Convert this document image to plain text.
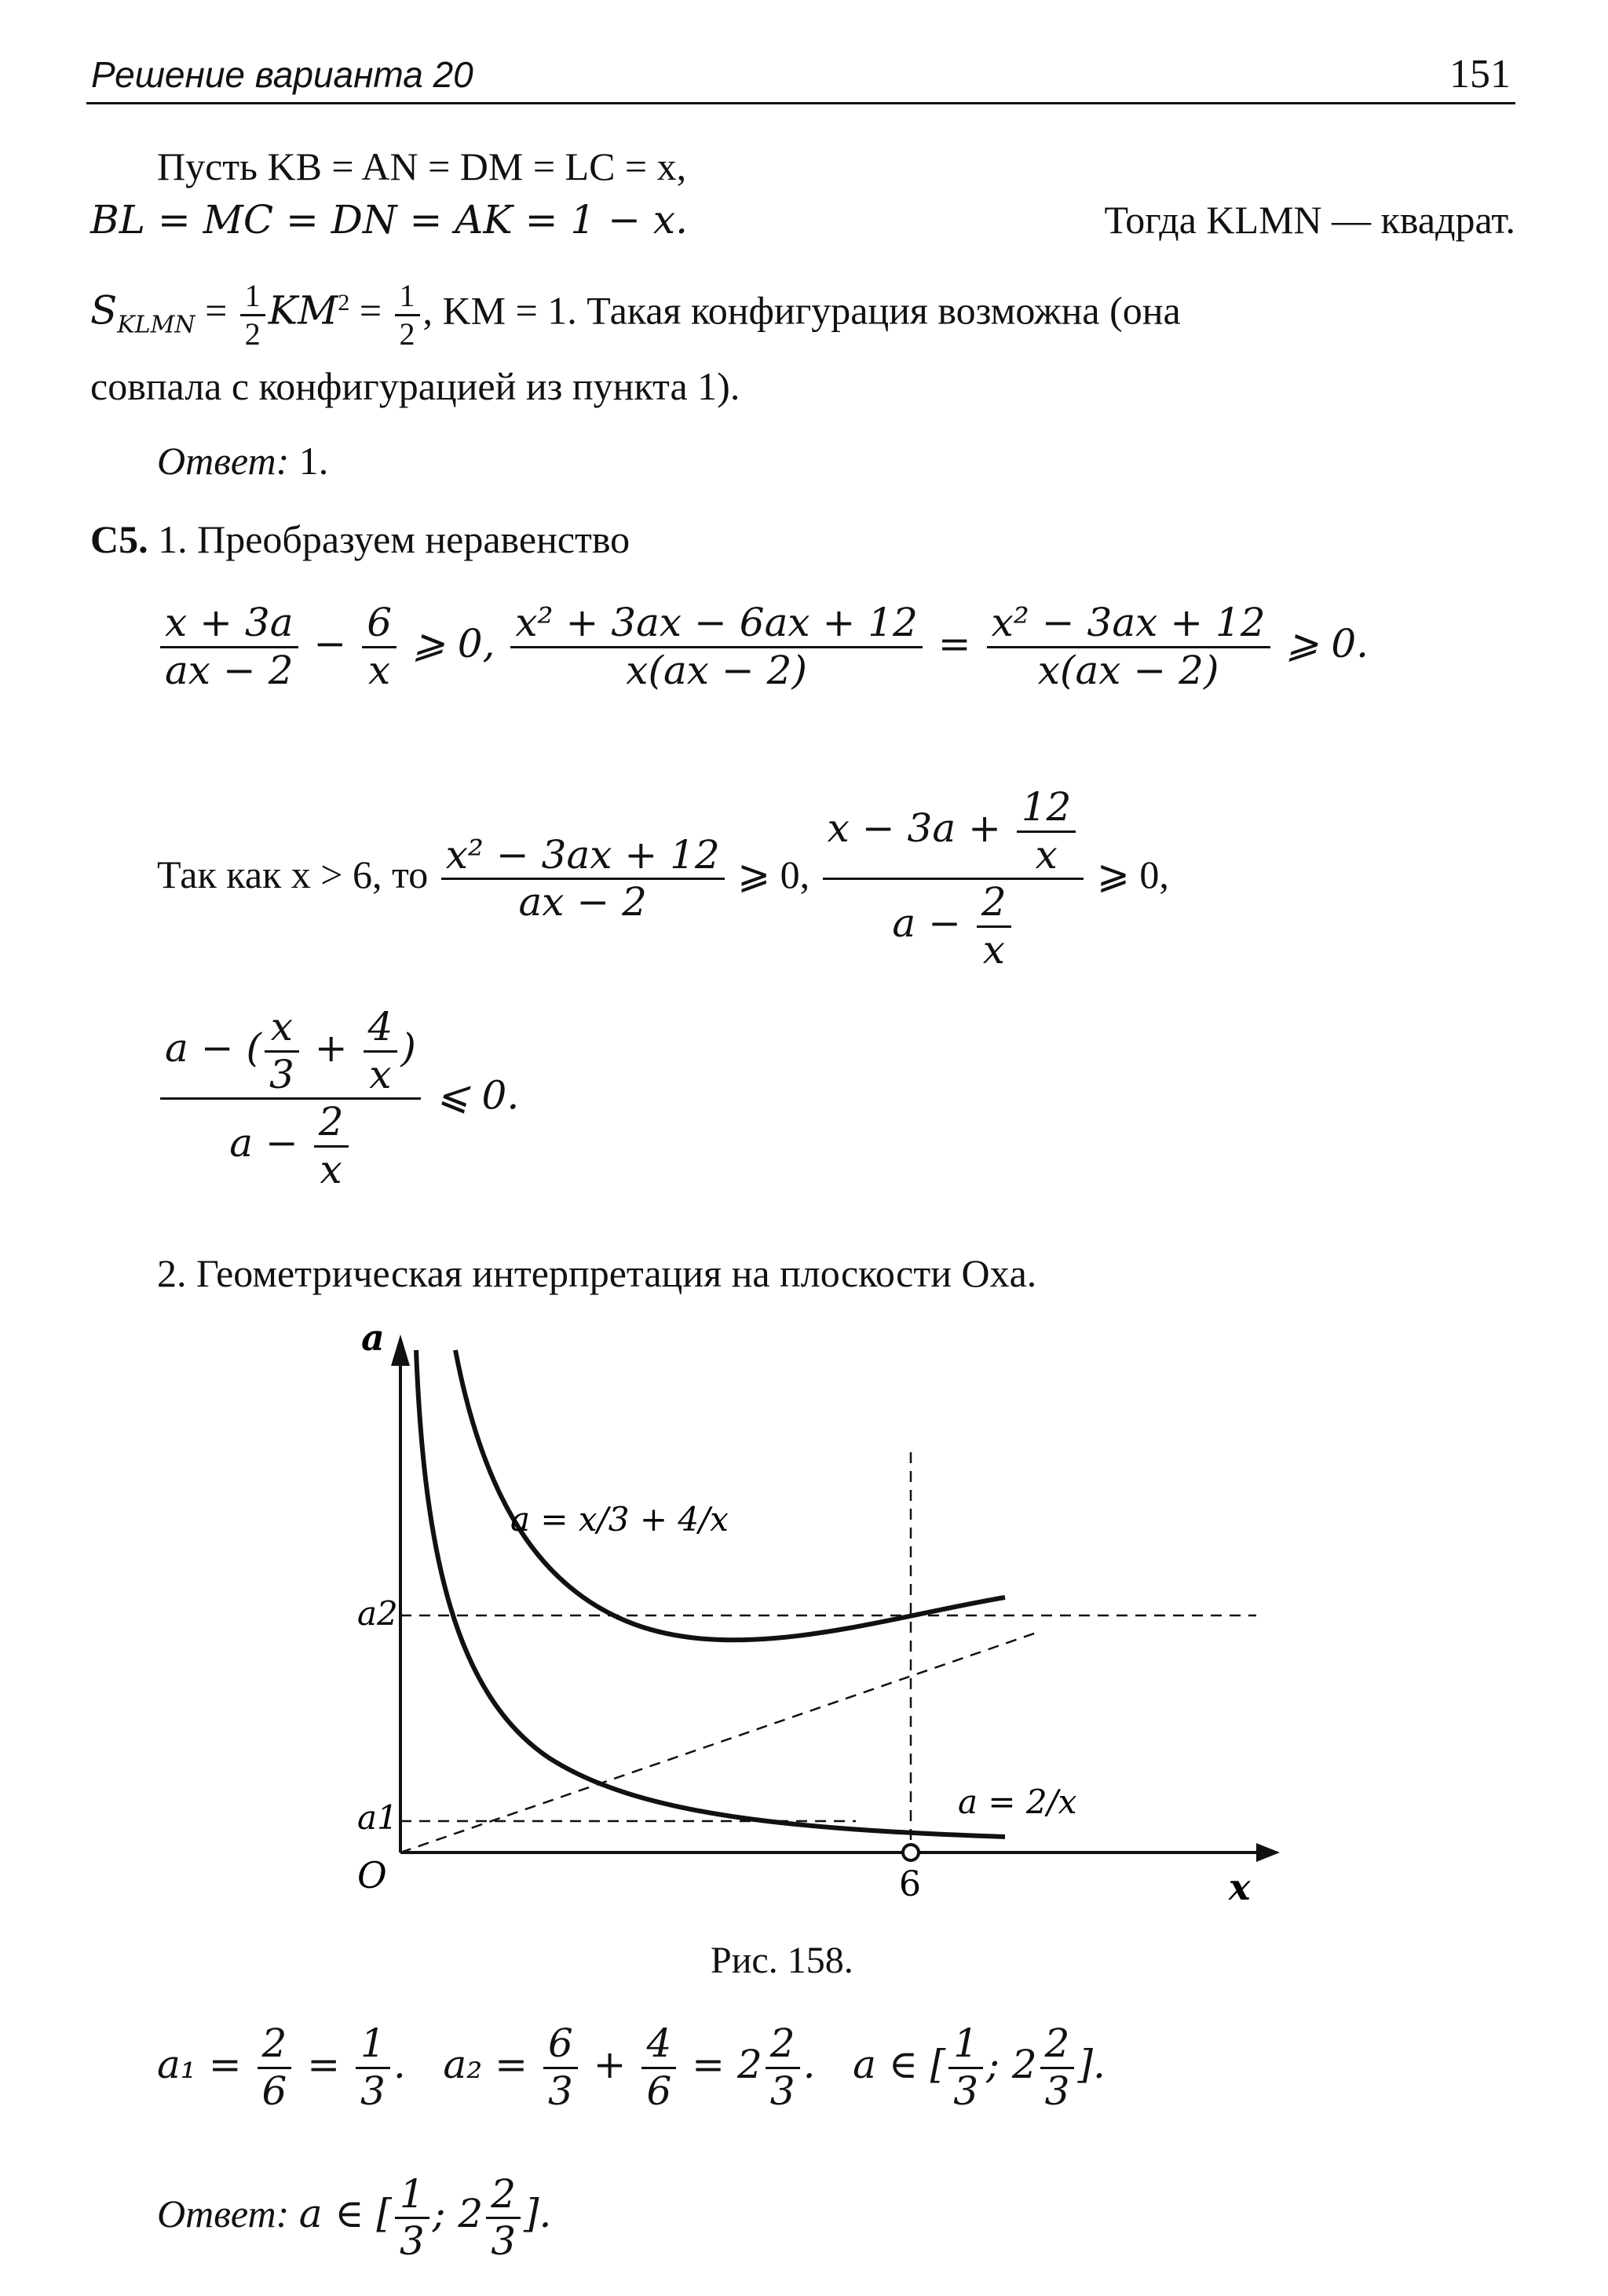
Решение варианта 20	151
Пусть KB = AN = DM = LC = x,
BL = MC = DN = AK = 1 − x.	Тогда KLMN — квадрат.
$S_{KLMN} = \frac{1}{2} KM^2 = \frac{1}{2}$ , KM = 1. Такая конфигурация возможна (она
совпала с конфигурацией из пункта 1).
Ответ: 1.
С5. 1. Преобразуем неравенство
$\frac{x + 3a}{ax - 2} - \frac{6}{x}$ ⩾ 0, $\frac{\text{x² + 3ax − 6ax + 12}}{x(ax - 2)} = \frac{\text{x² − 3ax + 12}}{x(ax - 2)}$ ⩾ 0.
Так как x > 6, то $\frac{\text{x² − 3ax + 12}}{ax - 2}$ ⩾ 0, $\frac{x - 3a + \frac{12}{x}}{a - \frac{2}{x}}$ ⩾ 0,
$\frac{a - ( \frac{x}{3} + \frac{4}{x} )}{a - \frac{2}{x}}$ ⩽ 0.
2. Геометрическая интерпретация на плоскости Oxa.
a
x
O	6
a2
a1
a = x/3 + 4/x
a = 2/x
Рис. 158.
$a_1 = \frac{2}{6} = \frac{1}{3}$ .   $a_2 = \frac{6}{3} + \frac{4}{6} = 2 \frac{2}{3}$ .   a ∈ [ $\frac{1}{3}$ ; $2 \frac{2}{3}$ ].
Ответ: a ∈ [ $\frac{1}{3}$ ; $2 \frac{2}{3}$ ].
